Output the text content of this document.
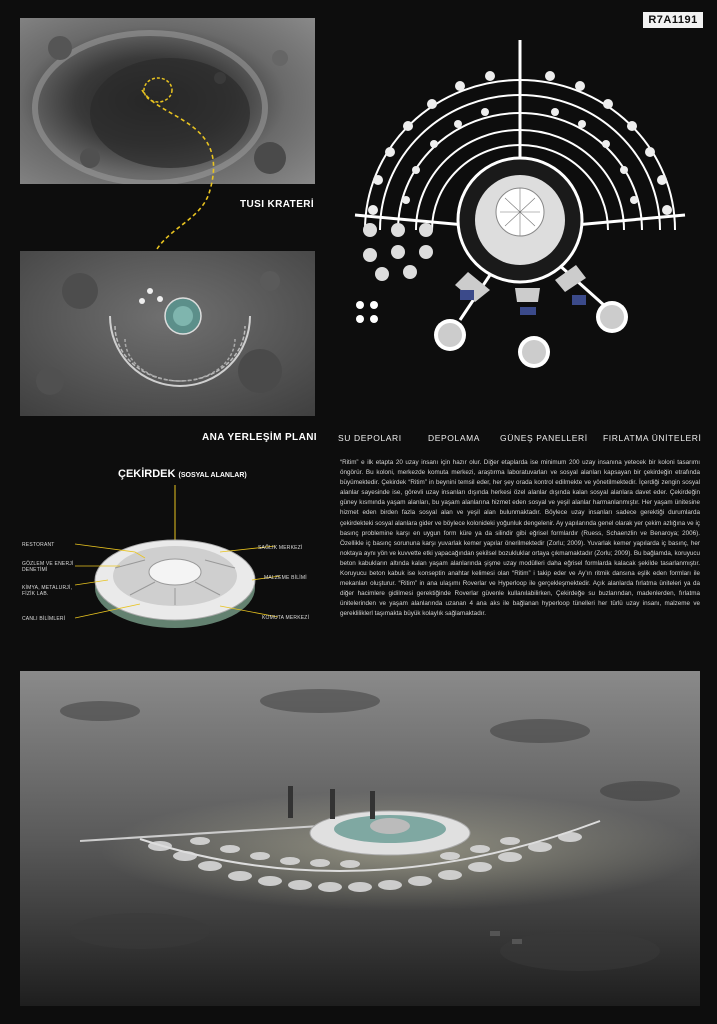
R7A1191
TUSI KRATERİ
ANA YERLEŞİM PLANI SU DEPOLARI	DEPOLAMA GÜNEŞ PANELLERİ FIRLATMA ÜNİTELERİ
ÇEKİRDEK (SOSYAL ALANLAR)
RESTORANT
GÖZLEM VE ENERJİ DENETİMİ
KİMYA, METALURJİ, FİZİK LAB.
CANLI BİLİMLERİ
SAĞLIK MERKEZİ
MALZEME BİLİMİ
KOMUTA MERKEZİ
“Ritim” e ilk etapta 20 uzay insanı için hazır olur. Diğer etaplarda ise minimum 200 uzay insanına yetecek bir koloni tasarımı öngörür. Bu koloni, merkezde komuta merkezi, araştırma laboratuvarları ve sosyal alanları kapsayan bir çekirdeğin etrafında büyümektedir. Çekirdek “Ritim” in beynini temsil eder, her şey orada kontrol edilmekte ve yönetilmektedir. İçerdiği zengin sosyal alanlar sayesinde ise, görevli uzay insanları dışında herkesi özel alanlar dışında kalan sosyal alanlara davet eder. Çekirdeğin güney kısmında yaşam alanları, bu yaşam alanlarına hizmet eden sosyal ve yeşil alanlar harmanlanmıştır. Her yaşam ünitesine hizmet eden birden fazla sosyal alan ve yeşil alan bulunmaktadır. Böylece uzay insanları sadece gerektiği durumlarda çekirdekteki sosyal alanlara gider ve böylece kolonideki yoğunluk dengelenir. Ay yapılarında genel olarak yer çekim azlığına ve iç basınç problemine karşı en uygun form küre ya da silindir gibi eğrisel formlardır (Ruess, Schaenzlin ve Benaroya; 2006). Özellikle iç basınç sorununa karşı yuvarlak kemer yapılar önerilmektedir (Zorlu; 2009). Yuvarlak kemer yapılarda iç basınç, her noktaya aynı yön ve kuvvette etki yapacağından şekilsel bozukluklar ortaya çıkmamaktadır (Zorlu; 2009). Bu bağlamda, koruyucu beton kabukların altında kalan yaşam alanlarında şişme uzay modülleri daha eğrisel formlarda kalacak şekilde tasarlanmıştır. Koruyucu beton kabuk ise konseptin anahtar kelimesi olan “Ritim” i takip eder ve Ay’ın ritmik dansına eşlik eden formları ile mekanları oluşturur. “Ritim” in ana ulaşımı Roverlar ve Hyperloop ile gerçekleşmektedir. Açık alanlarda fırlatma üniteleri ya da diğer hacimlere gidilmesi gerektiğinde Roverlar güvenle kullanılabilirken, Çekirdeğe su buzlarından, madenlerden, fırlatma ünitelerinden ve yaşam alanlarında uzanan 4 ana aks ile bağlanan hyperloop tünelleri her türlü uzay insanı, malzeme ve gerekliliklerl taşımakta büyük kolaylık sağlamaktadır.
